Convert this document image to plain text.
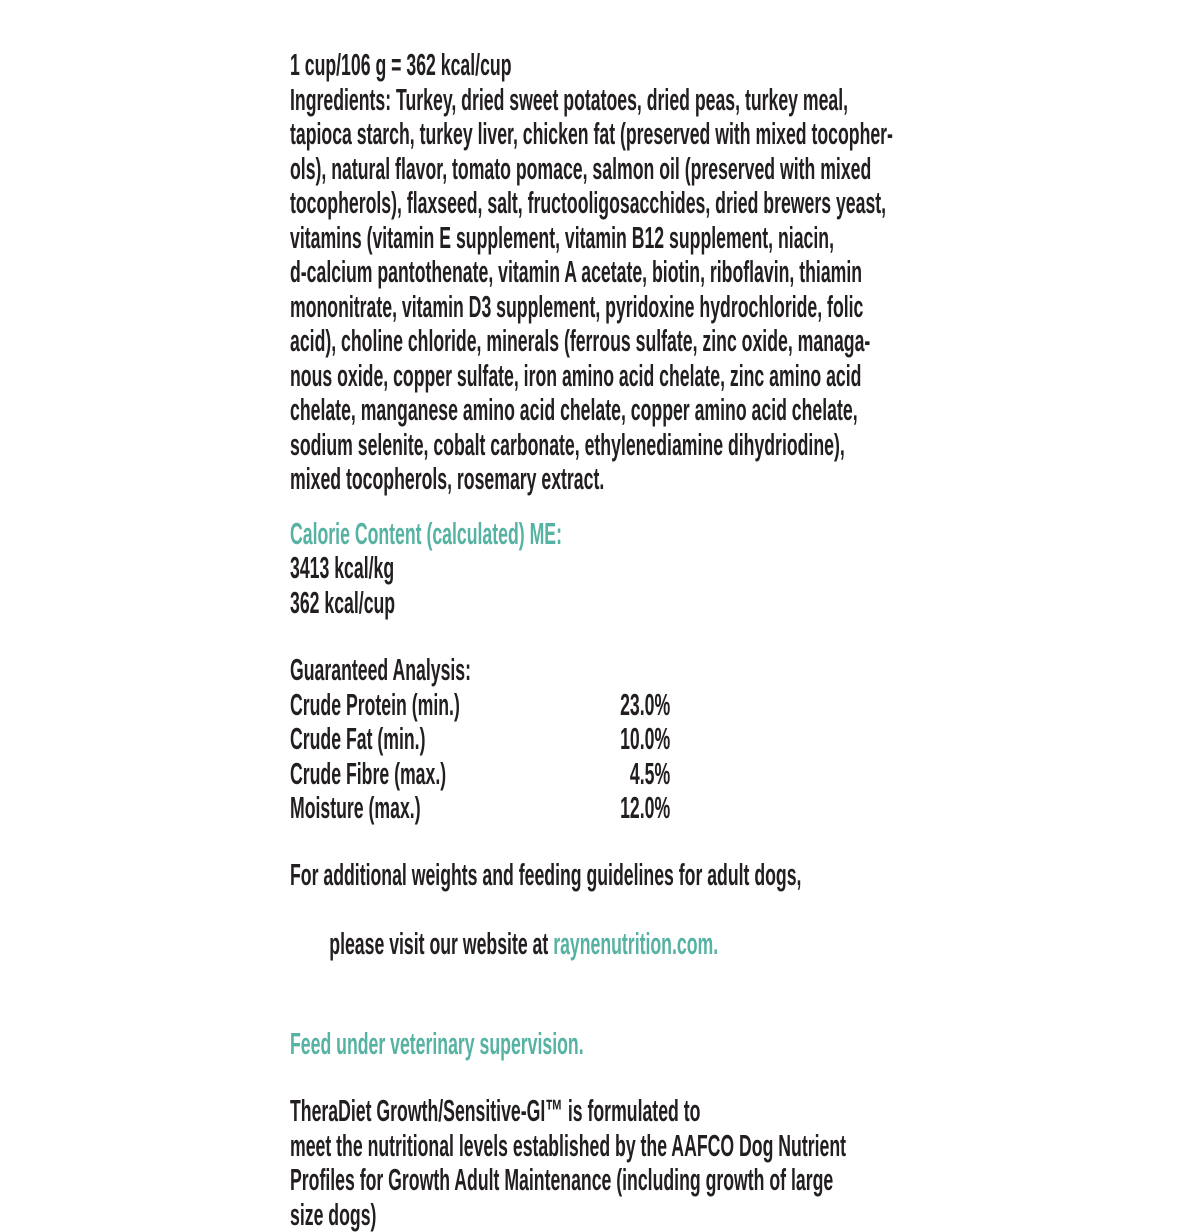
1 cup/106 g = 362 kcal/cup
Ingredients: Turkey, dried sweet potatoes, dried peas, turkey meal,
tapioca starch, turkey liver, chicken fat (preserved with mixed tocopher-
ols), natural flavor, tomato pomace, salmon oil (preserved with mixed
tocopherols), flaxseed, salt, fructooligosacchides, dried brewers yeast,
vitamins (vitamin E supplement, vitamin B12 supplement, niacin,
d-calcium pantothenate, vitamin A acetate, biotin, riboflavin, thiamin
mononitrate, vitamin D3 supplement, pyridoxine hydrochloride, folic
acid), choline chloride, minerals (ferrous sulfate, zinc oxide, managa-
nous oxide, copper sulfate, iron amino acid chelate, zinc amino acid
chelate, manganese amino acid chelate, copper amino acid chelate,
sodium selenite, cobalt carbonate, ethylenediamine dihydriodine),
mixed tocopherols, rosemary extract.
Calorie Content (calculated) ME:
3413 kcal/kg
362 kcal/cup
Guaranteed Analysis:
Crude Protein (min.)	23.0%
Crude Fat (min.)	10.0%
Crude Fibre (max.)	4.5%
Moisture (max.)	12.0%
For additional weights and feeding guidelines for adult dogs,

please visit our website at raynenutrition.com.

Feed under veterinary supervision.
TheraDiet Growth/Sensitive-GI™ is formulated to
meet the nutritional levels established by the AAFCO Dog Nutrient
Profiles for Growth Adult Maintenance (including growth of large
size dogs)
